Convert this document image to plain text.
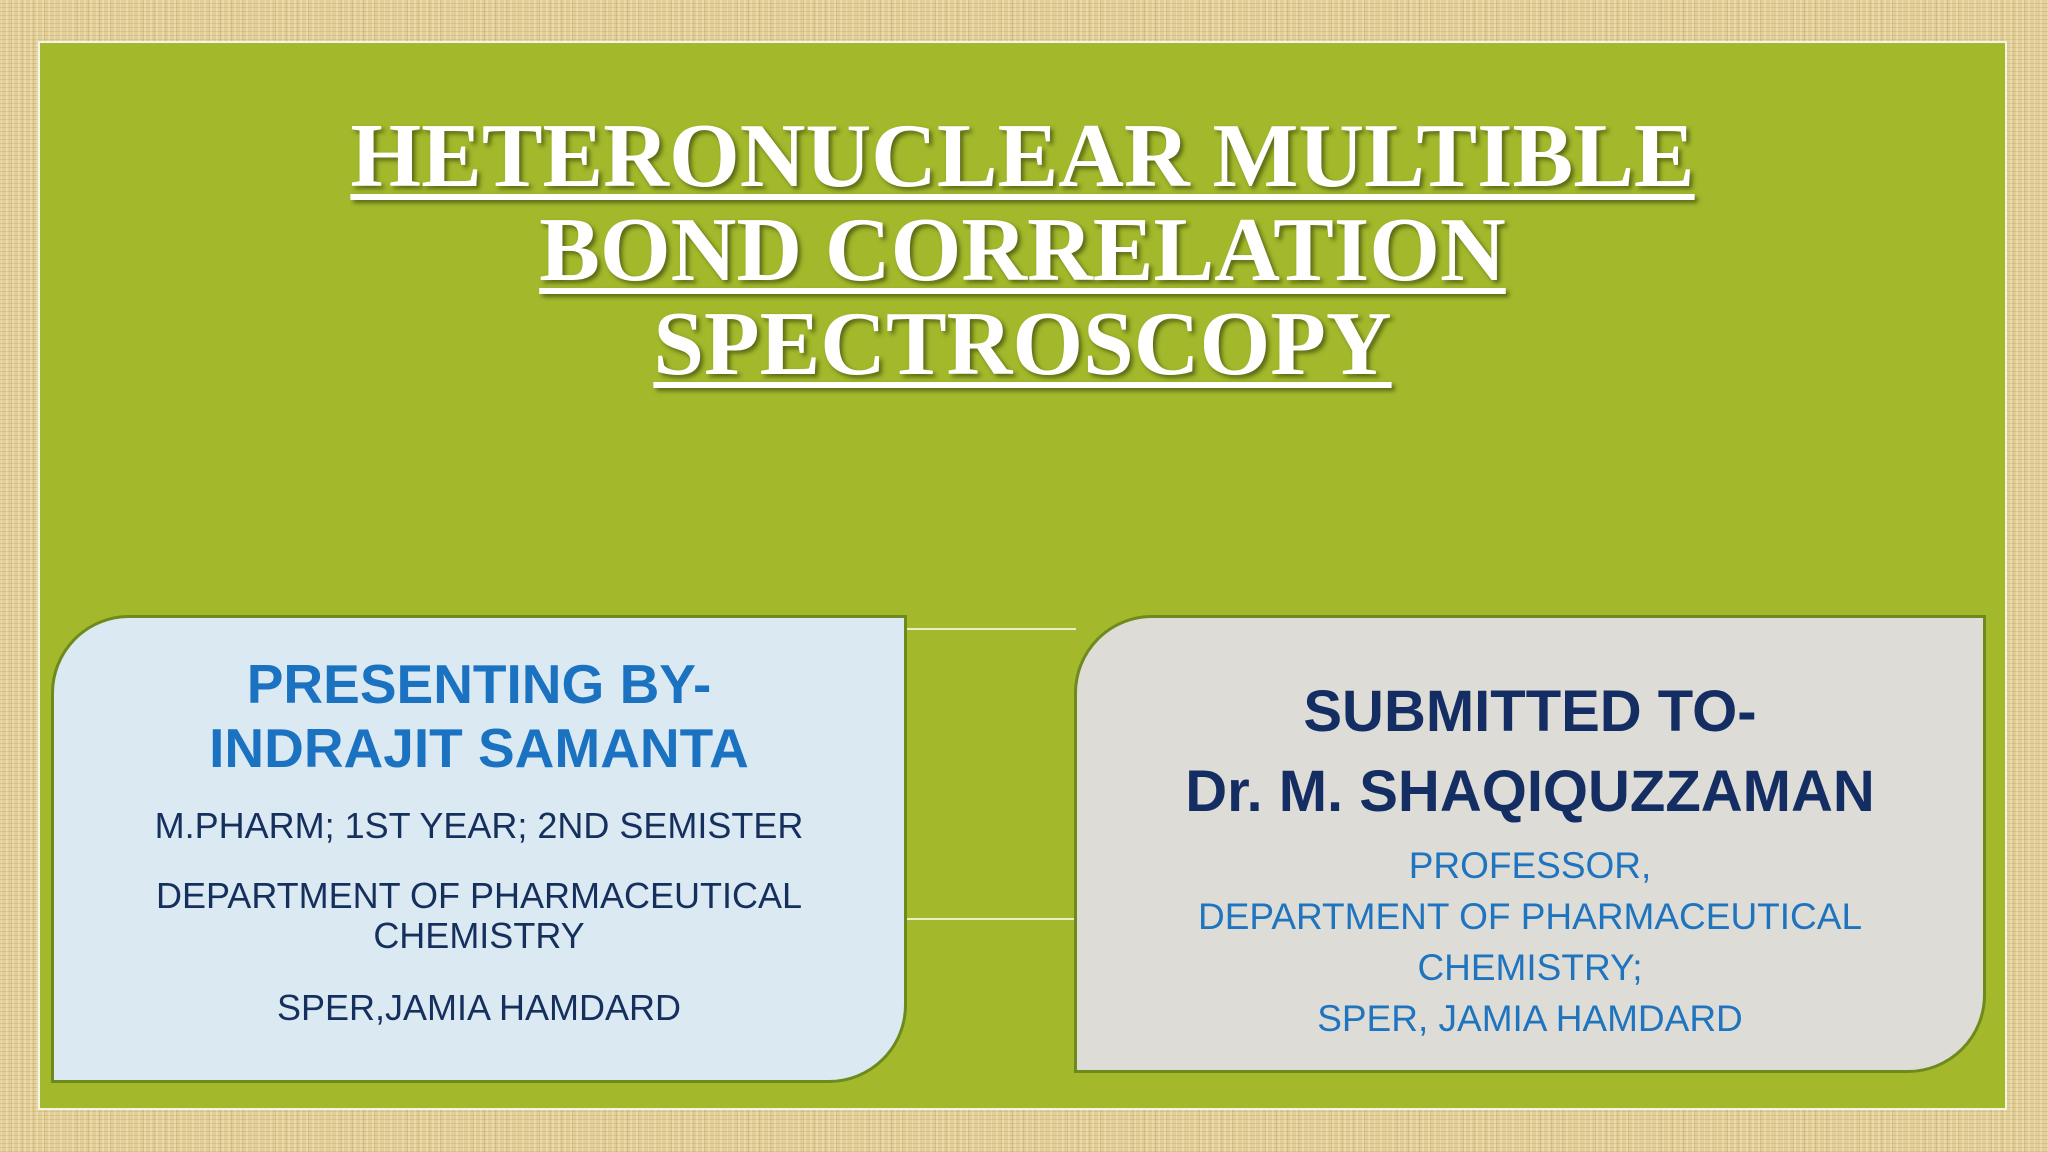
HETERONUCLEAR MULTIBLE
BOND CORRELATION
SPECTROSCOPY

PRESENTING BY-

INDRAJIT SAMANTA

M.PHARM; 1ST YEAR; 2ND SEMISTER

DEPARTMENT OF PHARMACEUTICAL

CHEMISTRY

SPER,JAMIA HAMDARD

SUBMITTED TO-

Dr. M. SHAQIQUZZAMAN

PROFESSOR,

DEPARTMENT OF PHARMACEUTICAL

CHEMISTRY;

SPER, JAMIA HAMDARD
